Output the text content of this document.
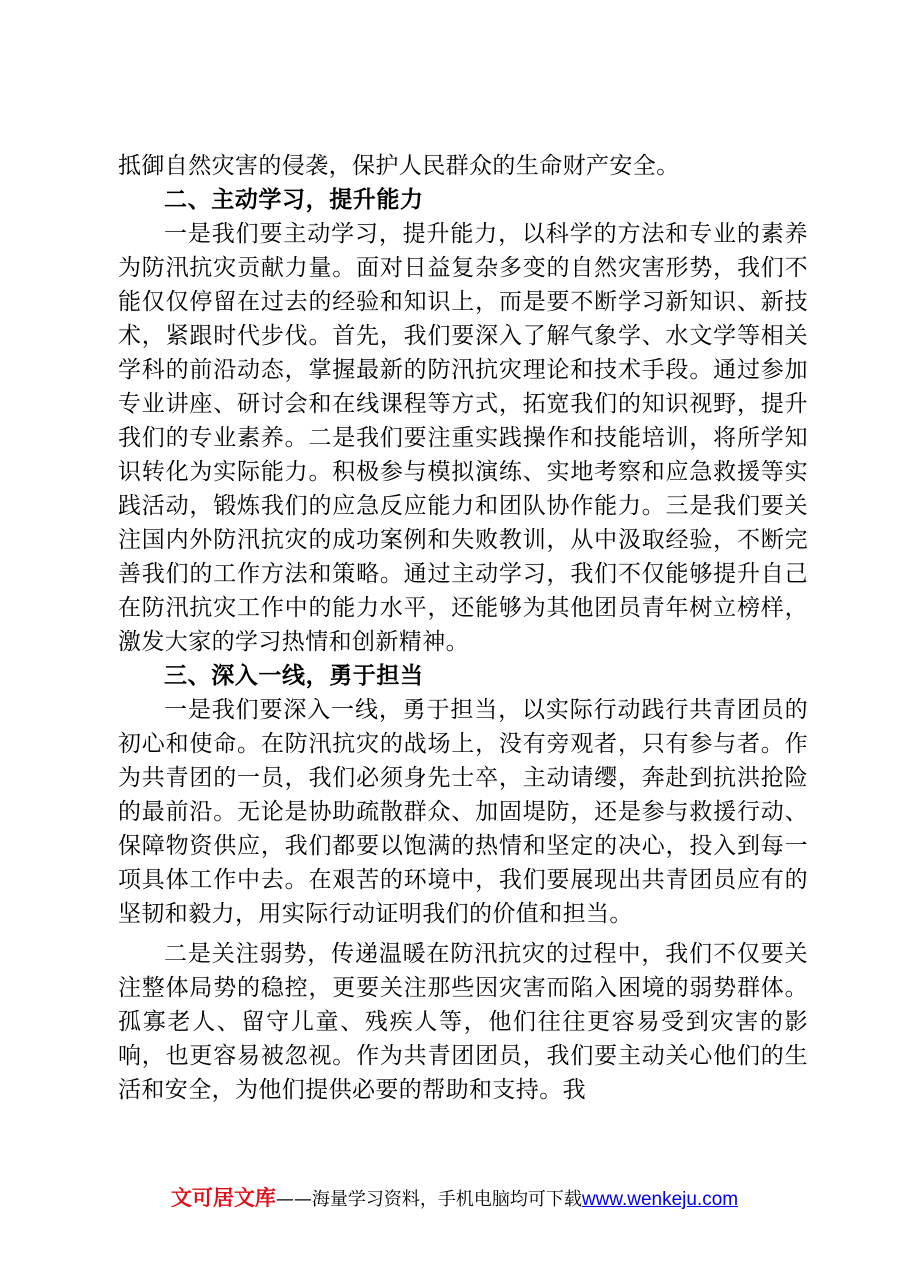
抵御自然灾害的侵袭，保护人民群众的生命财产安全。

二、主动学习，提升能力

一是我们要主动学习，提升能力，以科学的方法和专业的素养为防汛抗灾贡献力量。面对日益复杂多变的自然灾害形势，我们不能仅仅停留在过去的经验和知识上，而是要不断学习新知识、新技术，紧跟时代步伐。首先，我们要深入了解气象学、水文学等相关学科的前沿动态，掌握最新的防汛抗灾理论和技术手段。通过参加专业讲座、研讨会和在线课程等方式，拓宽我们的知识视野，提升我们的专业素养。二是我们要注重实践操作和技能培训，将所学知识转化为实际能力。积极参与模拟演练、实地考察和应急救援等实践活动，锻炼我们的应急反应能力和团队协作能力。三是我们要关注国内外防汛抗灾的成功案例和失败教训，从中汲取经验，不断完善我们的工作方法和策略。通过主动学习，我们不仅能够提升自己在防汛抗灾工作中的能力水平，还能够为其他团员青年树立榜样，激发大家的学习热情和创新精神。

三、深入一线，勇于担当

一是我们要深入一线，勇于担当，以实际行动践行共青团员的初心和使命。在防汛抗灾的战场上，没有旁观者，只有参与者。作为共青团的一员，我们必须身先士卒，主动请缨，奔赴到抗洪抢险的最前沿。无论是协助疏散群众、加固堤防，还是参与救援行动、保障物资供应，我们都要以饱满的热情和坚定的决心，投入到每一项具体工作中去。在艰苦的环境中，我们要展现出共青团员应有的坚韧和毅力，用实际行动证明我们的价值和担当。

二是关注弱势，传递温暖在防汛抗灾的过程中，我们不仅要关注整体局势的稳控，更要关注那些因灾害而陷入困境的弱势群体。孤寡老人、留守儿童、残疾人等，他们往往更容易受到灾害的影响，也更容易被忽视。作为共青团团员，我们要主动关心他们的生活和安全，为他们提供必要的帮助和支持。我

文可居文库——海量学习资料，手机电脑均可下载www.wenkeju.com
